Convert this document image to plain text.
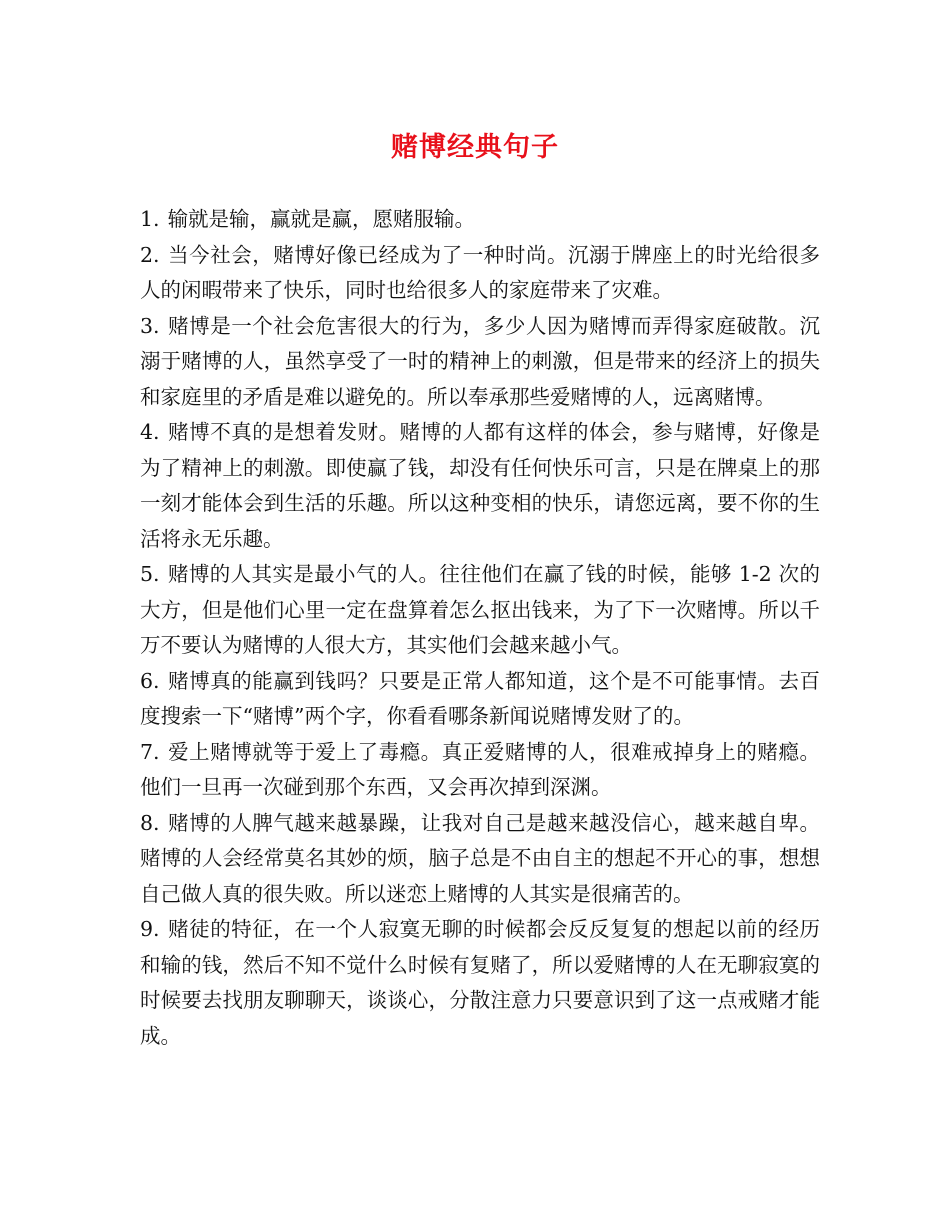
赌博经典句子

1. 输就是输，赢就是赢，愿赌服输。

2. 当今社会，赌博好像已经成为了一种时尚。沉溺于牌座上的时光给很多人的闲暇带来了快乐，同时也给很多人的家庭带来了灾难。

3. 赌博是一个社会危害很大的行为，多少人因为赌博而弄得家庭破散。沉溺于赌博的人，虽然享受了一时的精神上的刺激，但是带来的经济上的损失和家庭里的矛盾是难以避免的。所以奉承那些爱赌博的人，远离赌博。

4. 赌博不真的是想着发财。赌博的人都有这样的体会，参与赌博，好像是为了精神上的刺激。即使赢了钱，却没有任何快乐可言，只是在牌桌上的那一刻才能体会到生活的乐趣。所以这种变相的快乐，请您远离，要不你的生活将永无乐趣。

5. 赌博的人其实是最小气的人。往往他们在赢了钱的时候，能够 1-2 次的大方，但是他们心里一定在盘算着怎么抠出钱来，为了下一次赌博。所以千万不要认为赌博的人很大方，其实他们会越来越小气。

6. 赌博真的能赢到钱吗？只要是正常人都知道，这个是不可能事情。去百度搜索一下“赌博”两个字，你看看哪条新闻说赌博发财了的。

7. 爱上赌博就等于爱上了毒瘾。真正爱赌博的人，很难戒掉身上的赌瘾。他们一旦再一次碰到那个东西，又会再次掉到深渊。

8. 赌博的人脾气越来越暴躁，让我对自己是越来越没信心，越来越自卑。赌博的人会经常莫名其妙的烦，脑子总是不由自主的想起不开心的事，想想自己做人真的很失败。所以迷恋上赌博的人其实是很痛苦的。

9. 赌徒的特征，在一个人寂寞无聊的时候都会反反复复的想起以前的经历和输的钱，然后不知不觉什么时候有复赌了，所以爱赌博的人在无聊寂寞的时候要去找朋友聊聊天，谈谈心，分散注意力只要意识到了这一点戒赌才能成。
